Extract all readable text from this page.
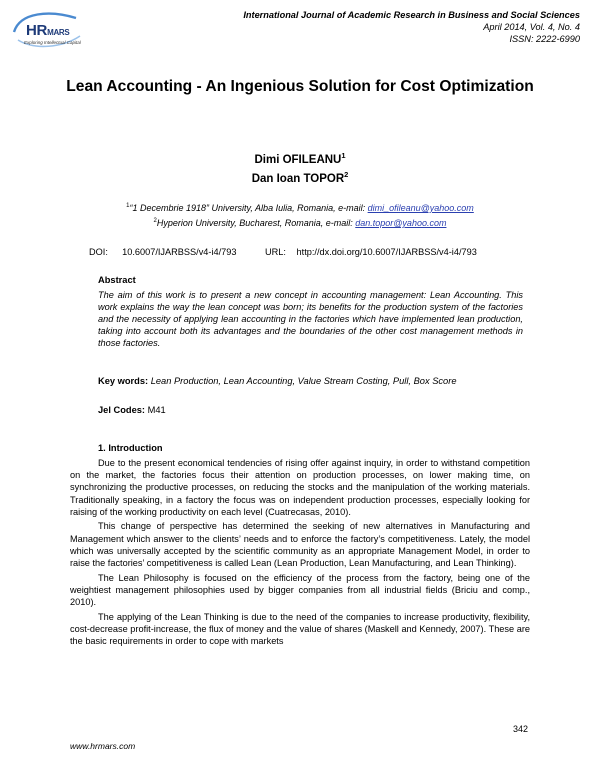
HRMARS
Exploring Intellectual Capital
International Journal of Academic Research in Business and Social Sciences
April 2014, Vol. 4, No. 4
ISSN: 2222-6990
Lean Accounting - An Ingenious Solution for Cost Optimization
Dimi OFILEANU$^1$
Dan Ioan TOPOR$^2$
$^1$“1 Decembrie 1918” University, Alba Iulia, Romania, e-mail: dimi_ofileanu@yahoo.com
$^2$Hyperion University, Bucharest, Romania, e-mail: dan.topor@yahoo.com
DOI: 10.6007/IJARBSS/v4-i4/793	URL: http://dx.doi.org/10.6007/IJARBSS/v4-i4/793
Abstract
The aim of this work is to present a new concept in accounting management: Lean Accounting. This work explains the way the lean concept was born; its benefits for the production system of the factories and the necessity of applying lean accounting in the factories which have implemented lean production, taking into account both its advantages and the boundaries of the other cost management methods in those factories.
Key words: Lean Production, Lean Accounting, Value Stream Costing, Pull, Box Score
Jel Codes: M41
1. Introduction

Due to the present economical tendencies of rising offer against inquiry, in order to withstand competition on the market, the factories focus their attention on production processes, on lower making time, on synchronizing the productive processes, on reducing the stocks and the manipulation of the working materials. Traditionally speaking, in a factory the focus was on independent production processes, especially looking for raising of the working productivity on each level (Cuatrecasas, 2010).

This change of perspective has determined the seeking of new alternatives in Manufacturing and Management which answer to the clients’ needs and to enforce the factory’s competitiveness. Lately, the model which was universally accepted by the scientific community as an appropriate Management Model, in order to raise the factories’ competitiveness is called Lean (Lean Production, Lean Manufacturing, and Lean Thinking).

The Lean Philosophy is focused on the efficiency of the process from the factory, being one of the weightiest management philosophies used by bigger companies from all industrial fields (Briciu and comp., 2010).

The applying of the Lean Thinking is due to the need of the companies to increase productivity, flexibility, cost-decrease profit-increase, the flux of money and the value of shares (Maskell and Kennedy, 2007). These are the basic requirements in order to cope with markets

342
www.hrmars.com
